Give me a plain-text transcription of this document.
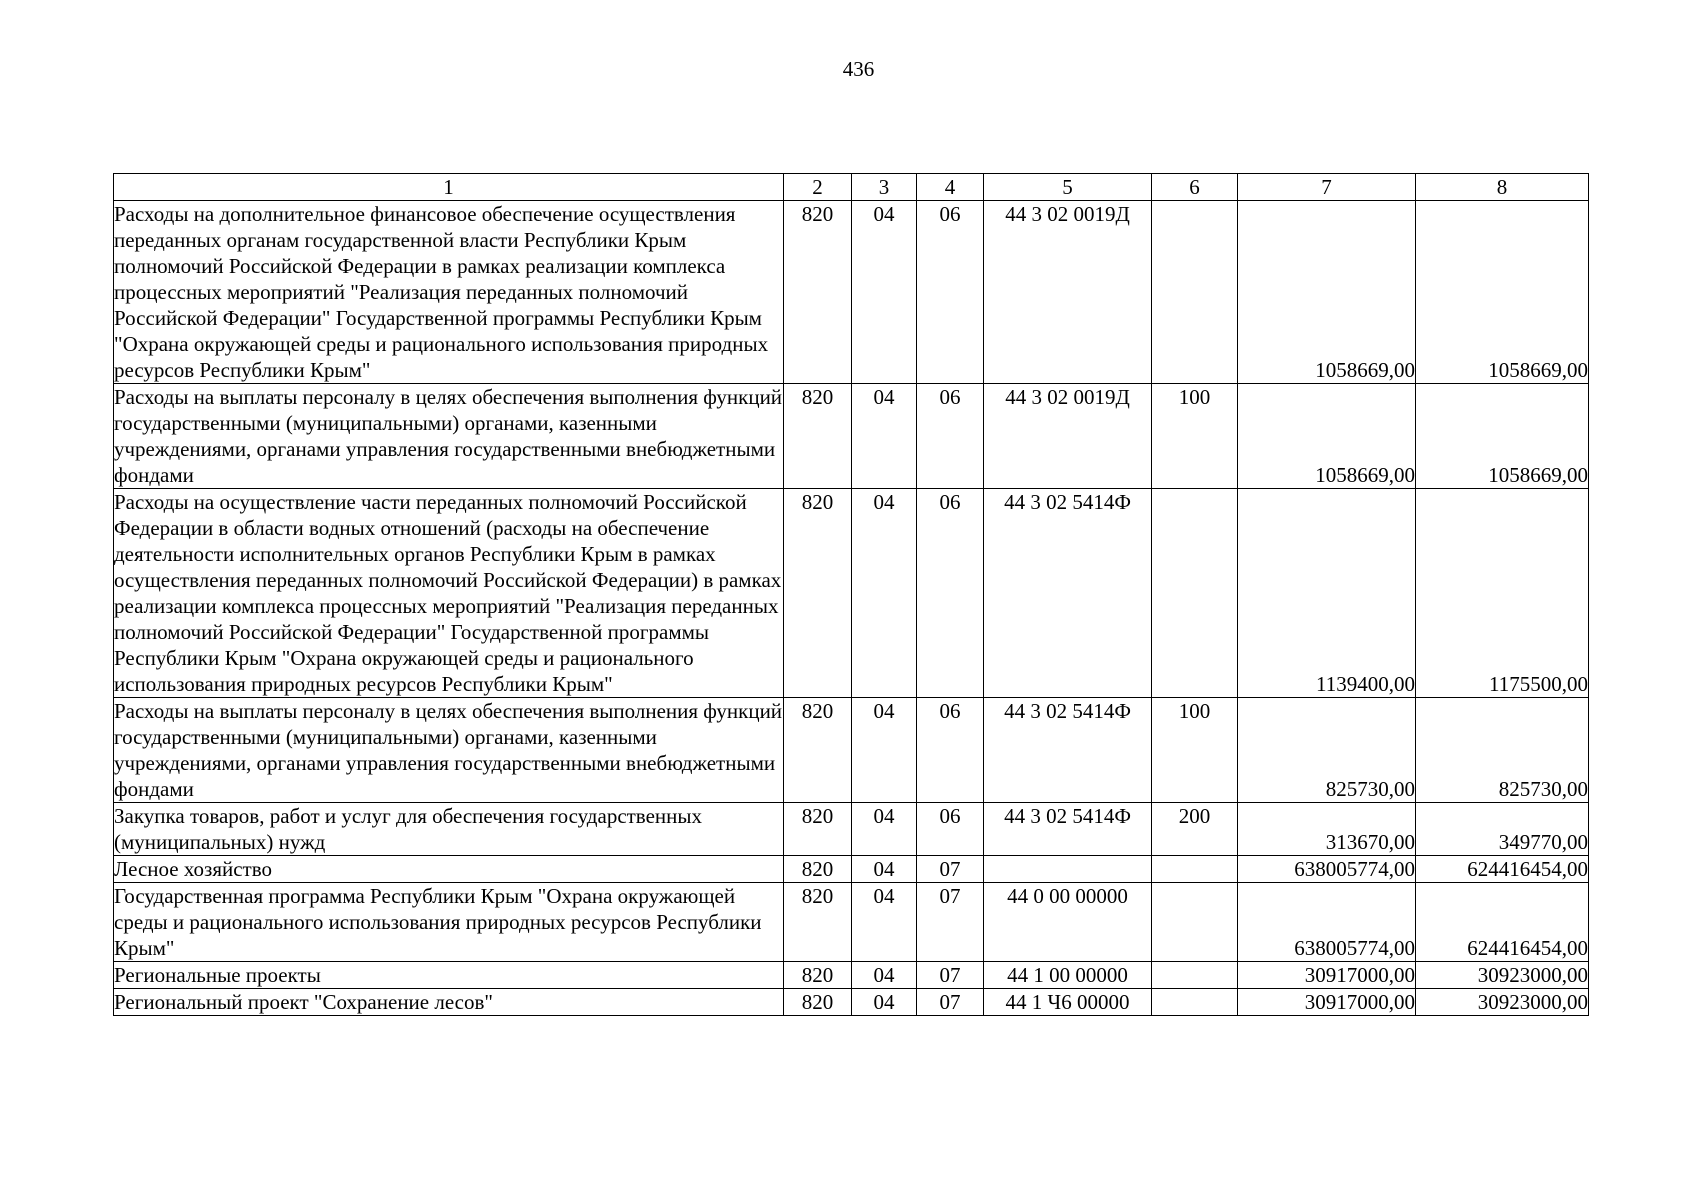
436
1	2	3	4	5	6	7	8
Расходы на дополнительное финансовое обеспечение осуществления переданных органам государственной власти Республики Крым полномочий Российской Федерации в рамках реализации комплекса процессных мероприятий "Реализация переданных полномочий Российской Федерации" Государственной программы Республики Крым "Охрана окружающей среды и рационального использования природных ресурсов Республики Крым"	820	04	06	44 3 02 0019Д		1058669,00	1058669,00
Расходы на выплаты персоналу в целях обеспечения выполнения функций государственными (муниципальными) органами, казенными учреждениями, органами управления государственными внебюджетными фондами	820	04	06	44 3 02 0019Д	100	1058669,00	1058669,00
Расходы на осуществление части переданных полномочий Российской Федерации в области водных отношений (расходы на обеспечение деятельности исполнительных органов Республики Крым в рамках осуществления переданных полномочий Российской Федерации) в рамках реализации комплекса процессных мероприятий "Реализация переданных полномочий Российской Федерации" Государственной программы Республики Крым "Охрана окружающей среды и рационального использования природных ресурсов Республики Крым"	820	04	06	44 3 02 5414Ф		1139400,00	1175500,00
Расходы на выплаты персоналу в целях обеспечения выполнения функций государственными (муниципальными) органами, казенными учреждениями, органами управления государственными внебюджетными фондами	820	04	06	44 3 02 5414Ф	100	825730,00	825730,00
Закупка товаров, работ и услуг для обеспечения государственных (муниципальных) нужд	820	04	06	44 3 02 5414Ф	200	313670,00	349770,00
Лесное хозяйство	820	04	07			638005774,00	624416454,00
Государственная программа Республики Крым "Охрана окружающей среды и рационального использования природных ресурсов Республики Крым"	820	04	07	44 0 00 00000		638005774,00	624416454,00
Региональные проекты	820	04	07	44 1 00 00000		30917000,00	30923000,00
Региональный проект "Сохранение лесов"	820	04	07	44 1 Ч6 00000		30917000,00	30923000,00
